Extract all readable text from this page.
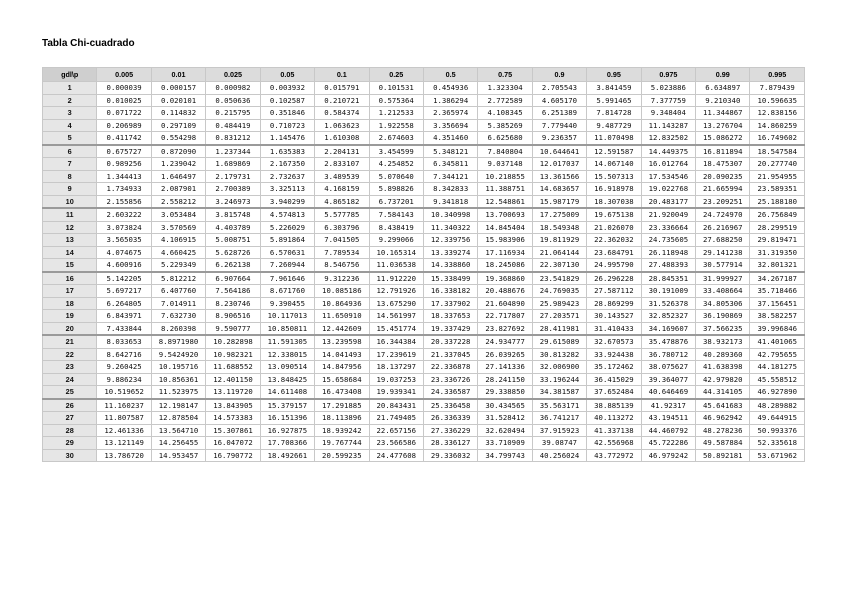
Tabla Chi-cuadrado
gdl\p	0.005	0.01	0.025	0.05	0.1	0.25	0.5	0.75	0.9	0.95	0.975	0.99	0.995
1	0.000039	0.000157	0.000982	0.003932	0.015791	0.101531	0.454936	1.323304	2.705543	3.841459	5.023886	6.634897	7.879439
2	0.010025	0.020101	0.050636	0.102587	0.210721	0.575364	1.386294	2.772589	4.605170	5.991465	7.377759	9.210340	10.596635
3	0.071722	0.114832	0.215795	0.351846	0.584374	1.212533	2.365974	4.108345	6.251389	7.814728	9.348404	11.344867	12.838156
4	0.206989	0.297109	0.484419	0.710723	1.063623	1.922558	3.356694	5.385269	7.779440	9.487729	11.143287	13.276704	14.860259
5	0.411742	0.554298	0.831212	1.145476	1.610308	2.674603	4.351460	6.625680	9.236357	11.070498	12.832502	15.086272	16.749602
6	0.675727	0.872090	1.237344	1.635383	2.204131	3.454599	5.348121	7.840804	10.644641	12.591587	14.449375	16.811894	18.547584
7	0.989256	1.239042	1.689869	2.167350	2.833107	4.254852	6.345811	9.037148	12.017037	14.067140	16.012764	18.475307	20.277740
8	1.344413	1.646497	2.179731	2.732637	3.489539	5.070640	7.344121	10.218855	13.361566	15.507313	17.534546	20.090235	21.954955
9	1.734933	2.087901	2.700389	3.325113	4.168159	5.898826	8.342833	11.388751	14.683657	16.918978	19.022768	21.665994	23.589351
10	2.155856	2.558212	3.246973	3.940299	4.865182	6.737201	9.341818	12.548861	15.987179	18.307038	20.483177	23.209251	25.188180
11	2.603222	3.053484	3.815748	4.574813	5.577785	7.584143	10.340998	13.700693	17.275009	19.675138	21.920049	24.724970	26.756849
12	3.073824	3.570569	4.403789	5.226029	6.303796	8.438419	11.340322	14.845404	18.549348	21.026070	23.336664	26.216967	28.299519
13	3.565035	4.106915	5.008751	5.891864	7.041505	9.299066	12.339756	15.983906	19.811929	22.362032	24.735605	27.688250	29.819471
14	4.074675	4.660425	5.628726	6.570631	7.789534	10.165314	13.339274	17.116934	21.064144	23.684791	26.118948	29.141238	31.319350
15	4.600916	5.229349	6.262138	7.260944	8.546756	11.036538	14.338860	18.245086	22.307130	24.995790	27.488393	30.577914	32.801321
16	5.142205	5.812212	6.907664	7.961646	9.312236	11.912220	15.338499	19.368860	23.541829	26.296228	28.845351	31.999927	34.267187
17	5.697217	6.407760	7.564186	8.671760	10.085186	12.791926	16.338182	20.488676	24.769035	27.587112	30.191009	33.408664	35.718466
18	6.264805	7.014911	8.230746	9.390455	10.864936	13.675290	17.337902	21.604890	25.989423	28.869299	31.526378	34.805306	37.156451
19	6.843971	7.632730	8.906516	10.117013	11.650910	14.561997	18.337653	22.717807	27.203571	30.143527	32.852327	36.190869	38.582257
20	7.433844	8.260398	9.590777	10.850811	12.442609	15.451774	19.337429	23.827692	28.411981	31.410433	34.169607	37.566235	39.996846
21	8.033653	8.8971980	10.282898	11.591305	13.239598	16.344384	20.337228	24.934777	29.615089	32.670573	35.478876	38.932173	41.401065
22	8.642716	9.5424920	10.982321	12.338015	14.041493	17.239619	21.337045	26.039265	30.813282	33.924438	36.780712	40.289360	42.795655
23	9.260425	10.195716	11.688552	13.090514	14.847956	18.137297	22.336878	27.141336	32.006900	35.172462	38.075627	41.638398	44.181275
24	9.886234	10.856361	12.401150	13.848425	15.658684	19.037253	23.336726	28.241150	33.196244	36.415029	39.364077	42.979820	45.558512
25	10.519652	11.523975	13.119720	14.611408	16.473408	19.939341	24.336587	29.338850	34.381587	37.652484	40.646469	44.314105	46.927890
26	11.160237	12.198147	13.843905	15.379157	17.291885	20.843431	25.336458	30.434565	35.563171	38.885139	41.92317	45.641683	48.289882
27	11.807587	12.878504	14.573383	16.151396	18.113896	21.749405	26.336339	31.528412	36.741217	40.113272	43.194511	46.962942	49.644915
28	12.461336	13.564710	15.307861	16.927875	18.939242	22.657156	27.336229	32.620494	37.915923	41.337138	44.460792	48.278236	50.993376
29	13.121149	14.256455	16.047072	17.708366	19.767744	23.566586	28.336127	33.710909	39.08747	42.556968	45.722286	49.587884	52.335618
30	13.786720	14.953457	16.790772	18.492661	20.599235	24.477608	29.336032	34.799743	40.256024	43.772972	46.979242	50.892181	53.671962
